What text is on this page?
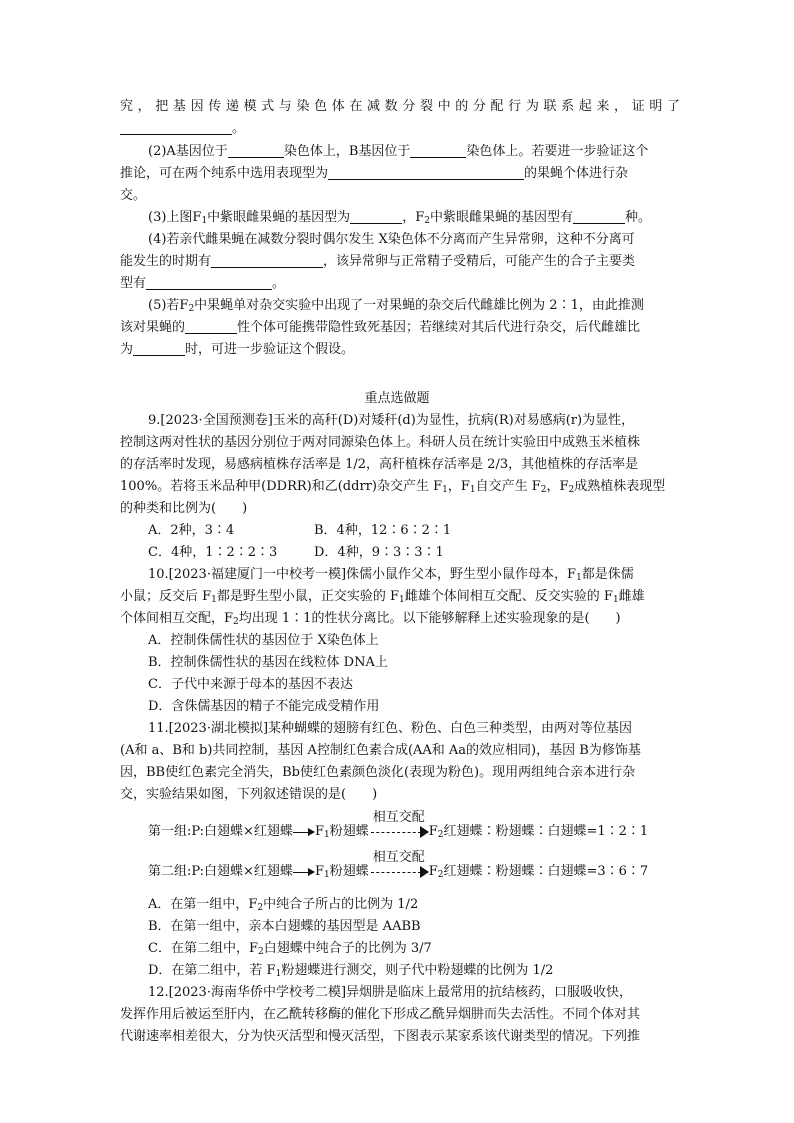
究，把基因传递模式与染色体在减数分裂中的分配行为联系起来，证明了
。
(2)A基因位于	染色体上，B基因位于	染色体上。若要进一步验证这个
推论，可在两个纯系中选用表现型为	的果蝇个体进行杂
交。
(3)上图$F_1$中紫眼雌果蝇的基因型为	，$F_2$中紫眼雌果蝇的基因型有	种。
(4)若亲代雌果蝇在减数分裂时偶尔发生 X染色体不分离而产生异常卵，这种不分离可
能发生的时期有	，该异常卵与正常精子受精后，可能产生的合子主要类
型有	。
(5)若$F_2$中果蝇单对杂交实验中出现了一对果蝇的杂交后代雌雄比例为 2∶1，由此推测
该对果蝇的	性个体可能携带隐性致死基因；若继续对其后代进行杂交，后代雌雄比
为	时，可进一步验证这个假设。
重点选做题
9.[2023·全国预测卷]玉米的高秆(D)对矮秆(d)为显性，抗病(R)对易感病(r)为显性，
控制这两对性状的基因分别位于两对同源染色体上。科研人员在统计实验田中成熟玉米植株
的存活率时发现，易感病植株存活率是 1/2，高秆植株存活率是 2/3，其他植株的存活率是
100%。若将玉米品种甲(DDRR)和乙(ddrr)杂交产生 $F_1$，$F_1$自交产生 $F_2$，$F_2$成熟植株表现型
的种类和比例为(　　)
A．2种，3∶4	B．4种，12∶6∶2∶1
C．4种，1∶2∶2∶3	D．4种，9∶3∶3∶1
10.[2023·福建厦门一中校考一模]侏儒小鼠作父本，野生型小鼠作母本，$F_1$都是侏儒
小鼠；反交后 $F_1$都是野生型小鼠，正交实验的 $F_1$雌雄个体间相互交配、反交实验的 $F_1$雌雄
个体间相互交配，$F_2$均出现 1∶1的性状分离比。以下能够解释上述实验现象的是(　　)
A．控制侏儒性状的基因位于 X染色体上
B．控制侏儒性状的基因在线粒体 DNA上
C．子代中来源于母本的基因不表达
D．含侏儒基因的精子不能完成受精作用
11.[2023·湖北模拟]某种蝴蝶的翅膀有红色、粉色、白色三种类型，由两对等位基因
(A和 a、B和 b)共同控制，基因 A控制红色素合成(AA和 Aa的效应相同)，基因 B为修饰基
因，BB使红色素完全消失，Bb使红色素颜色淡化(表现为粉色)。现用两组纯合亲本进行杂
交，实验结果如图，下列叙述错误的是(　　)
第一组:P:白翅蝶×红翅蝶 $F_1$粉翅蝶
相互交配
$F_2$红翅蝶∶粉翅蝶∶白翅蝶=1∶2∶1
第二组:P:白翅蝶×红翅蝶 $F_1$粉翅蝶
相互交配
$F_2$红翅蝶∶粉翅蝶∶白翅蝶=3∶6∶7
A．在第一组中，$F_2$中纯合子所占的比例为 1/2
B．在第一组中，亲本白翅蝶的基因型是 AABB
C．在第二组中，$F_2$白翅蝶中纯合子的比例为 3/7
D．在第二组中，若 $F_1$粉翅蝶进行测交，则子代中粉翅蝶的比例为 1/2
12.[2023·海南华侨中学校考二模]异烟肼是临床上最常用的抗结核药，口服吸收快，
发挥作用后被运至肝内，在乙酰转移酶的催化下形成乙酰异烟肼而失去活性。不同个体对其
代谢速率相差很大，分为快灭活型和慢灭活型，下图表示某家系该代谢类型的情况。下列推
